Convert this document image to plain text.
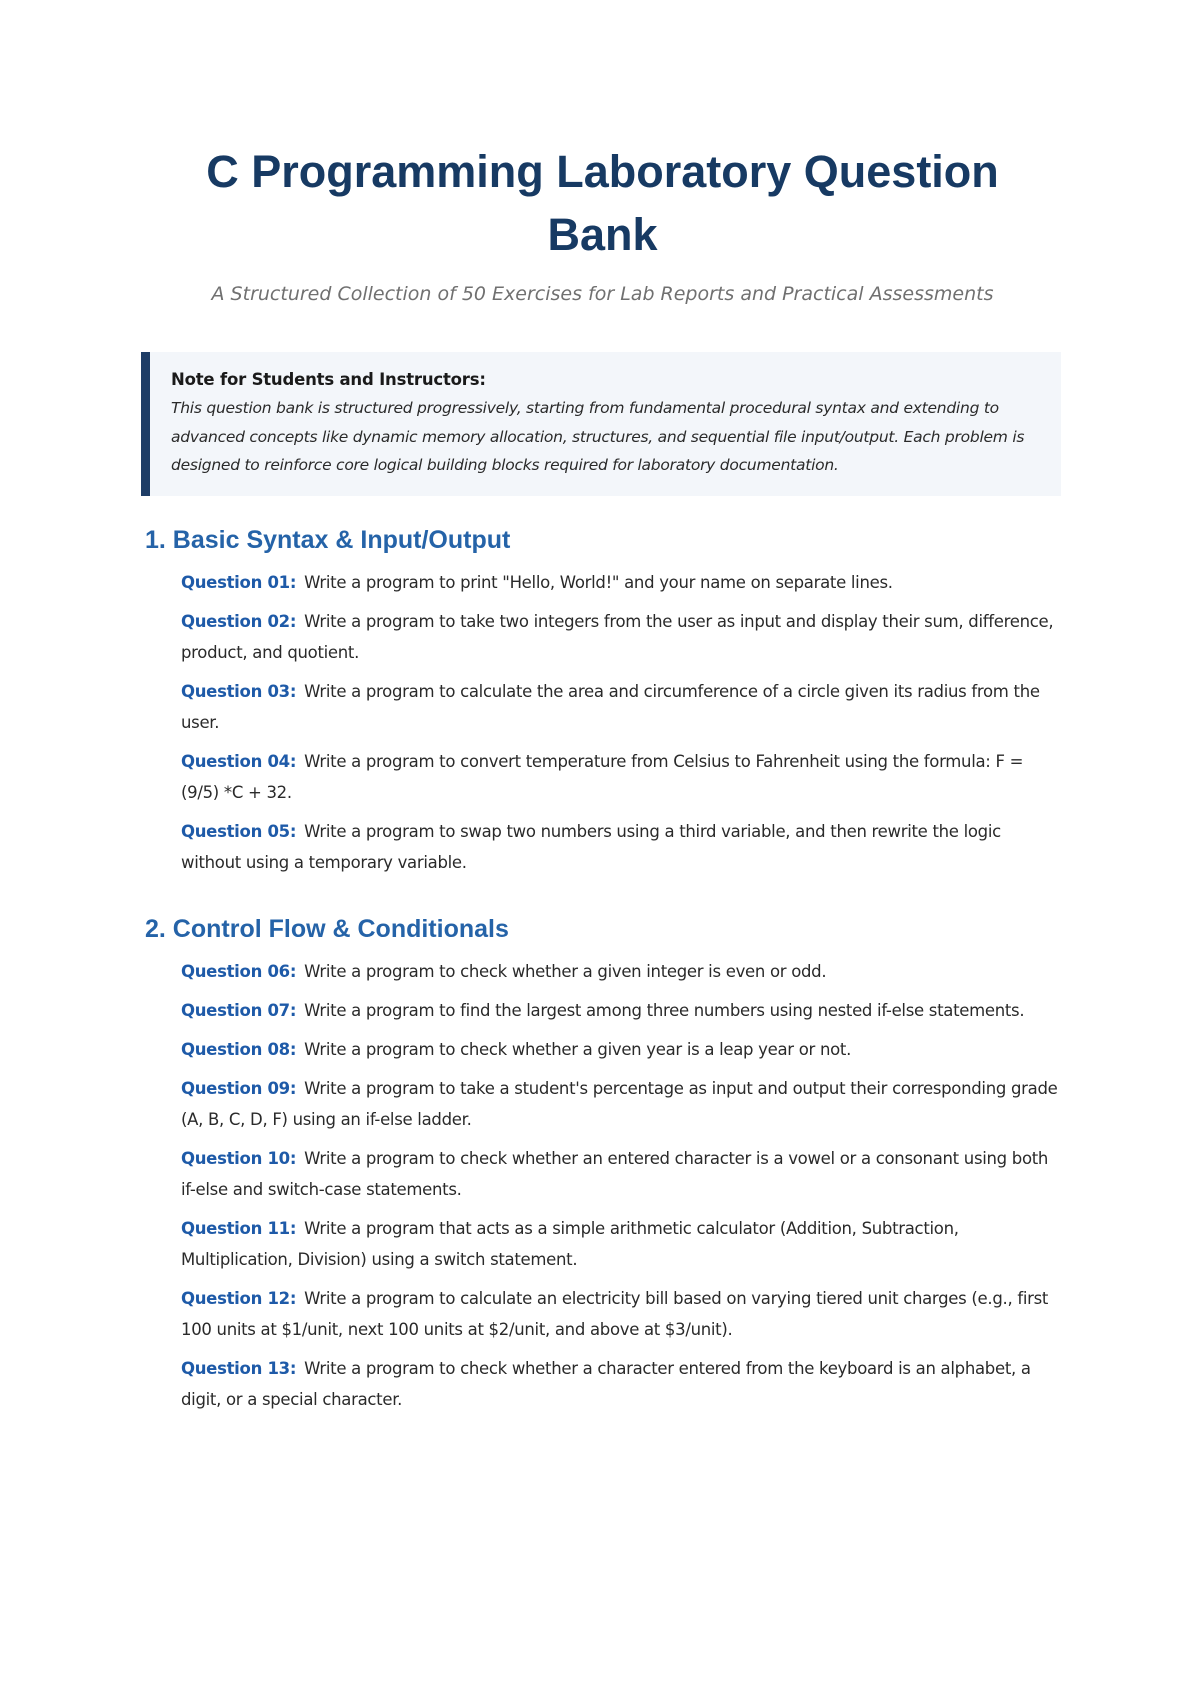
C Programming Laboratory Question Bank

A Structured Collection of 50 Exercises for Lab Reports and Practical Assessments

Note for Students and Instructors:
This question bank is structured progressively, starting from fundamental procedural syntax and extending to advanced concepts like dynamic memory allocation, structures, and sequential file input/output. Each problem is designed to reinforce core logical building blocks required for laboratory documentation.
1. Basic Syntax & Input/Output
Question 01: Write a program to print "Hello, World!" and your name on separate lines.
Question 02: Write a program to take two integers from the user as input and display their sum, difference, product, and quotient.
Question 03: Write a program to calculate the area and circumference of a circle given its radius from the user.
Question 04: Write a program to convert temperature from Celsius to Fahrenheit using the formula: F = (9/5) *C + 32.
Question 05: Write a program to swap two numbers using a third variable, and then rewrite the logic without using a temporary variable.
2. Control Flow & Conditionals
Question 06: Write a program to check whether a given integer is even or odd.
Question 07: Write a program to find the largest among three numbers using nested if-else statements.
Question 08: Write a program to check whether a given year is a leap year or not.
Question 09: Write a program to take a student's percentage as input and output their corresponding grade (A, B, C, D, F) using an if-else ladder.
Question 10: Write a program to check whether an entered character is a vowel or a consonant using both if-else and switch-case statements.
Question 11: Write a program that acts as a simple arithmetic calculator (Addition, Subtraction, Multiplication, Division) using a switch statement.
Question 12: Write a program to calculate an electricity bill based on varying tiered unit charges (e.g., first 100 units at $1/unit, next 100 units at $2/unit, and above at $3/unit).
Question 13: Write a program to check whether a character entered from the keyboard is an alphabet, a digit, or a special character.
